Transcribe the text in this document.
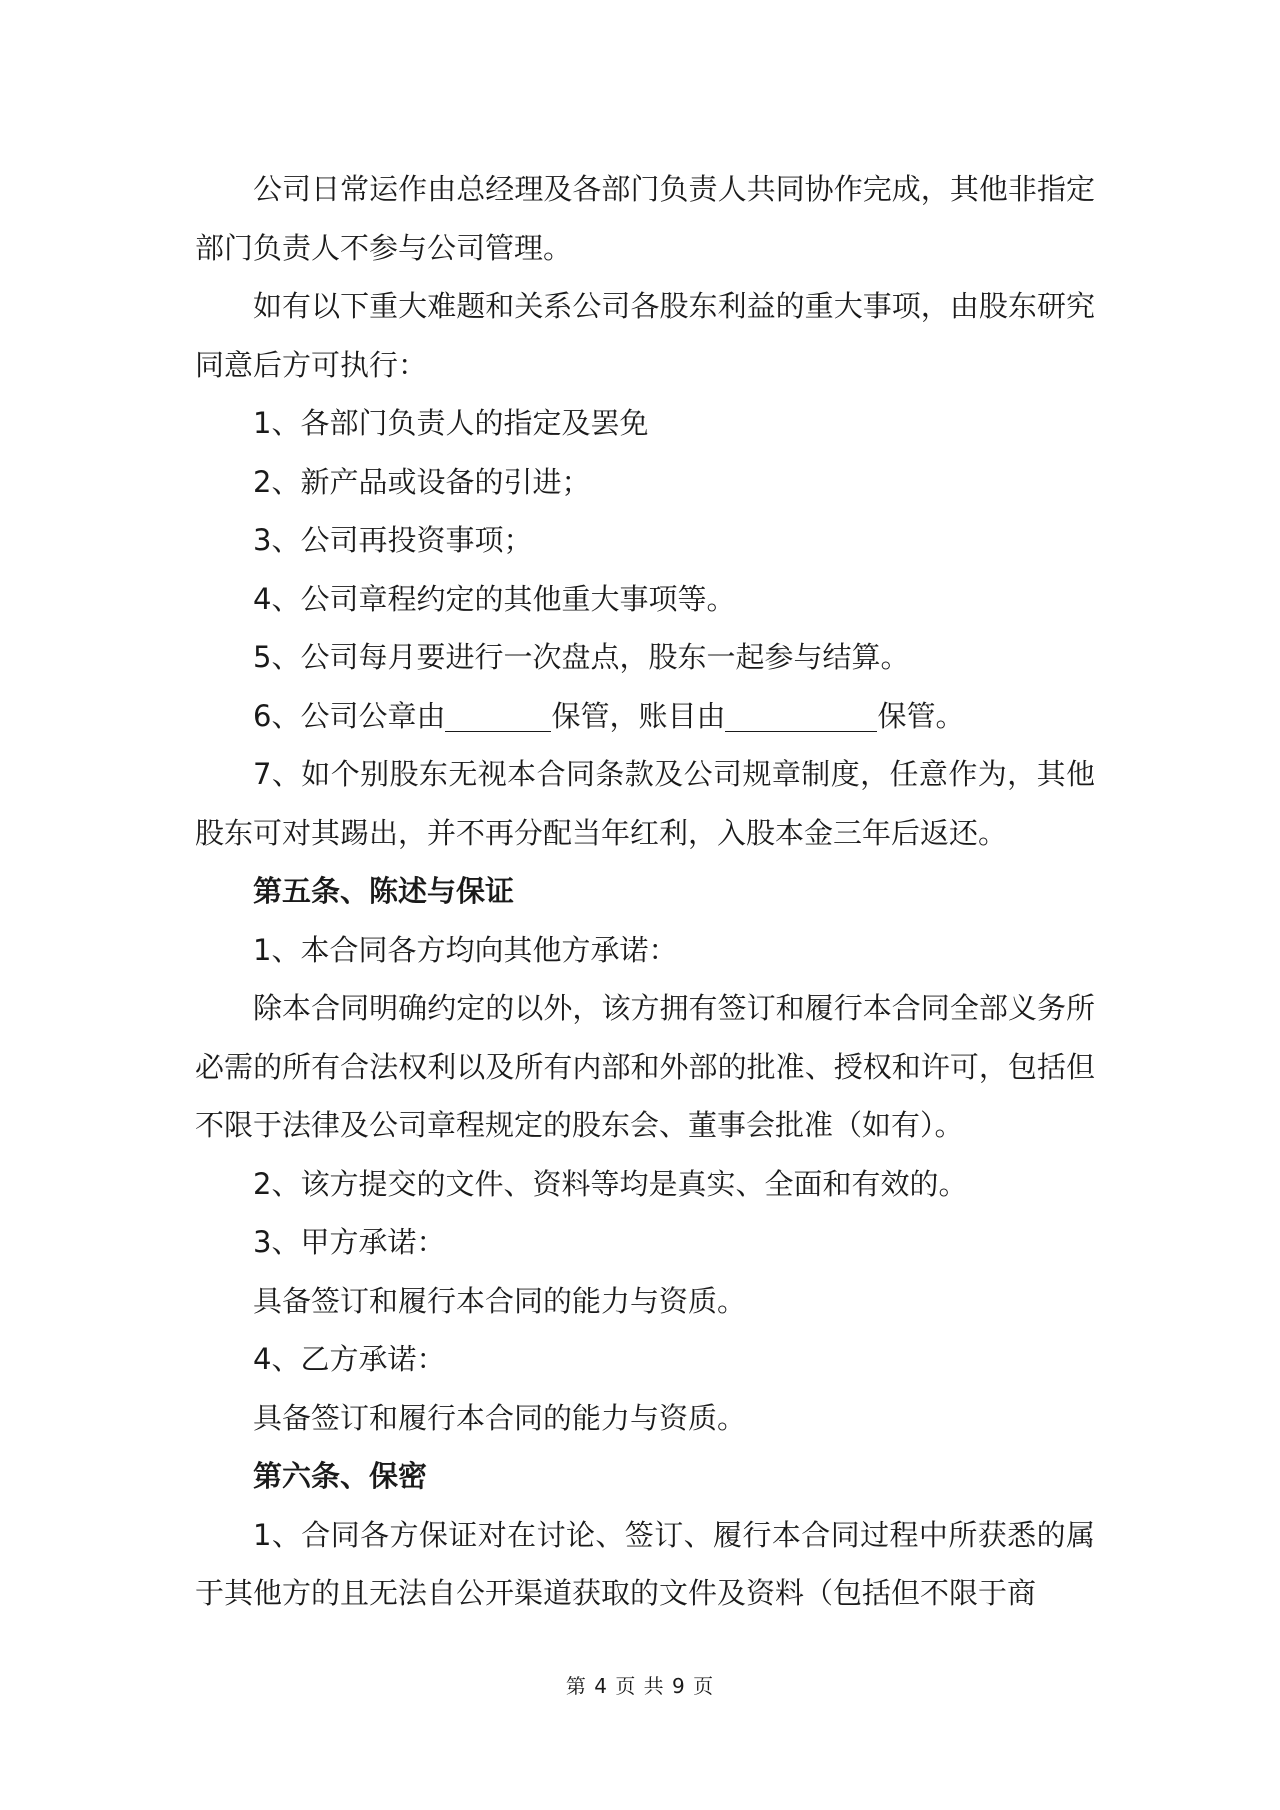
公司日常运作由总经理及各部门负责人共同协作完成，其他非指定部门负责人不参与公司管理。

如有以下重大难题和关系公司各股东利益的重大事项，由股东研究同意后方可执行：

1、各部门负责人的指定及罢免

2、新产品或设备的引进；

3、公司再投资事项；

4、公司章程约定的其他重大事项等。

5、公司每月要进行一次盘点，股东一起参与结算。

6、公司公章由	保管，账目由	保管。

7、如个别股东无视本合同条款及公司规章制度，任意作为，其他股东可对其踢出，并不再分配当年红利，入股本金三年后返还。

第五条、陈述与保证

1、本合同各方均向其他方承诺：

除本合同明确约定的以外，该方拥有签订和履行本合同全部义务所必需的所有合法权利以及所有内部和外部的批准、授权和许可，包括但不限于法律及公司章程规定的股东会、董事会批准（如有）。

2、该方提交的文件、资料等均是真实、全面和有效的。

3、甲方承诺：

具备签订和履行本合同的能力与资质。

4、乙方承诺：

具备签订和履行本合同的能力与资质。

第六条、保密

1、合同各方保证对在讨论、签订、履行本合同过程中所获悉的属于其他方的且无法自公开渠道获取的文件及资料（包括但不限于商

第 4 页 共 9 页
